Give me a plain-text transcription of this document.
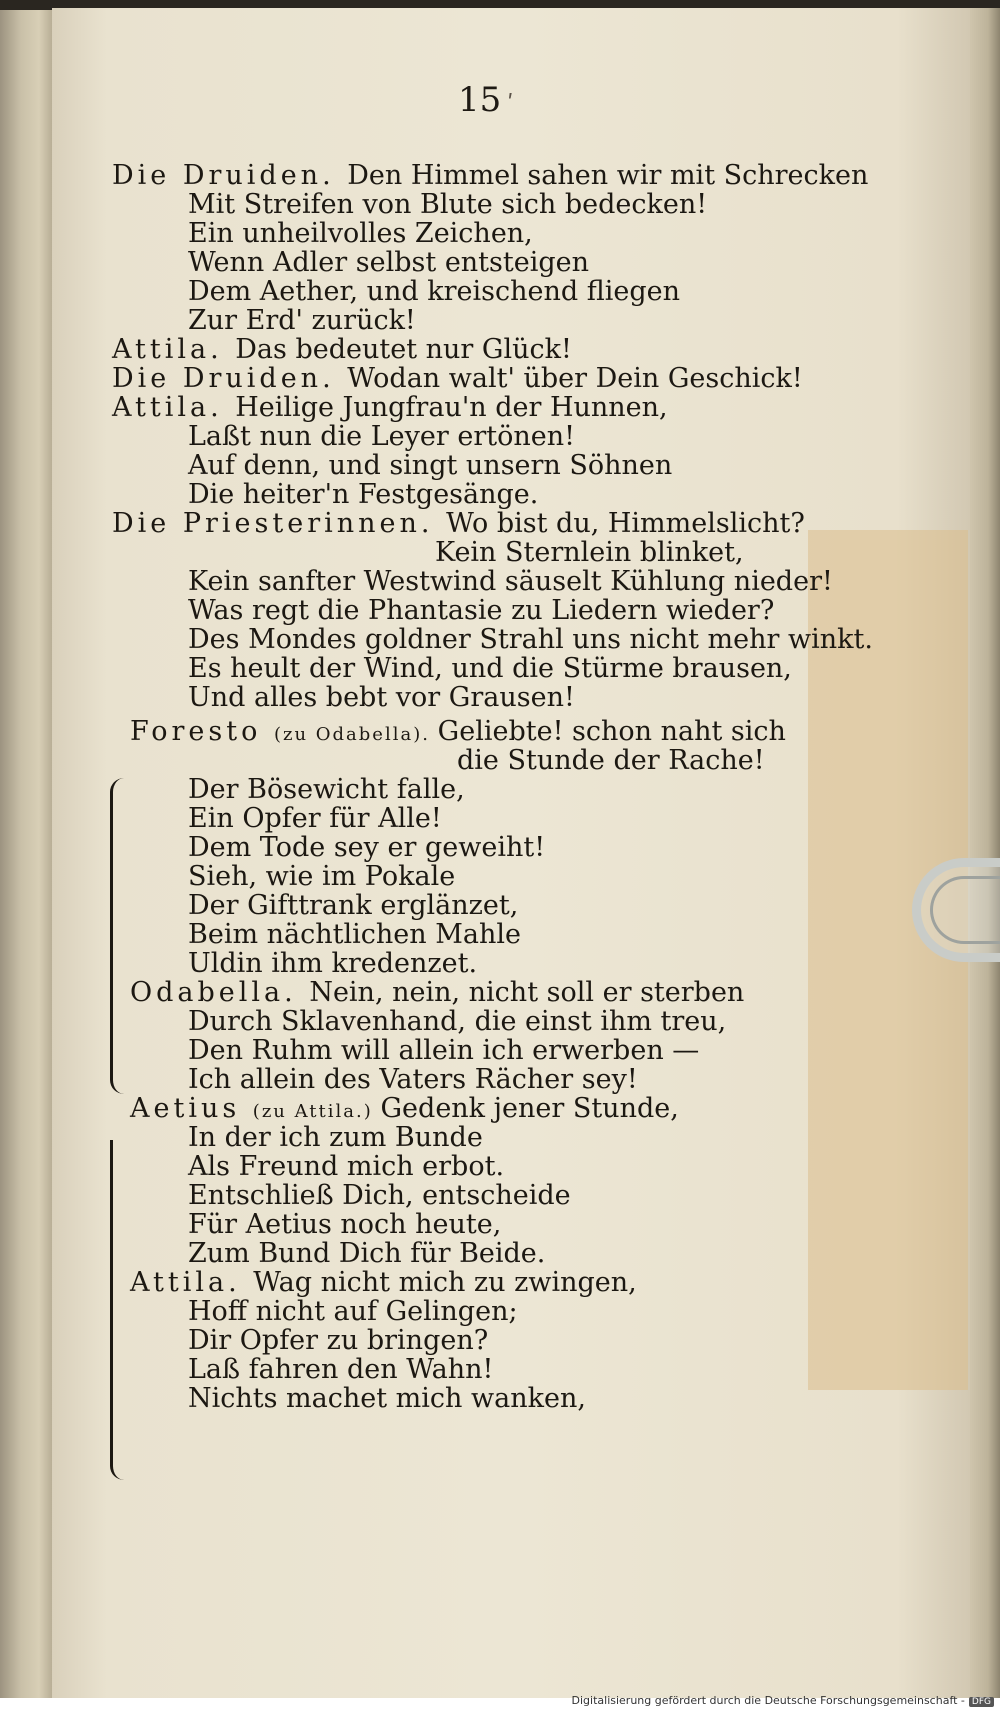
15 ʹ
Die Druiden. Den Himmel sahen wir mit Schrecken
Mit Streifen von Blute sich bedecken!
Ein unheilvolles Zeichen,
Wenn Adler selbst entsteigen
Dem Aether, und kreischend fliegen
Zur Erd' zurück!
Attila. Das bedeutet nur Glück!
Die Druiden. Wodan walt' über Dein Geschick!
Attila. Heilige Jungfrau'n der Hunnen,
Laßt nun die Leyer ertönen!
Auf denn, und singt unsern Söhnen
Die heiter'n Festgesänge.
Die Priesterinnen. Wo bist du, Himmelslicht?
Kein Sternlein blinket,
Kein sanfter Westwind säuselt Kühlung nieder!
Was regt die Phantasie zu Liedern wieder?
Des Mondes goldner Strahl uns nicht mehr winkt.
Es heult der Wind, und die Stürme brausen,
Und alles bebt vor Grausen!
Foresto (zu Odabella). Geliebte! schon naht sich
die Stunde der Rache!
Der Bösewicht falle,
Ein Opfer für Alle!
Dem Tode sey er geweiht!
Sieh, wie im Pokale
Der Gifttrank erglänzet,
Beim nächtlichen Mahle
Uldin ihm kredenzet.
Odabella. Nein, nein, nicht soll er sterben
Durch Sklavenhand, die einst ihm treu,
Den Ruhm will allein ich erwerben —
Ich allein des Vaters Rächer sey!
Aetius (zu Attila.) Gedenk jener Stunde,
In der ich zum Bunde
Als Freund mich erbot.
Entschließ Dich, entscheide
Für Aetius noch heute,
Zum Bund Dich für Beide.
Attila. Wag nicht mich zu zwingen,
Hoff nicht auf Gelingen;
Dir Opfer zu bringen?
Laß fahren den Wahn!
Nichts machet mich wanken,
Digitalisierung gefördert durch die Deutsche Forschungsgemeinschaft - DFG
